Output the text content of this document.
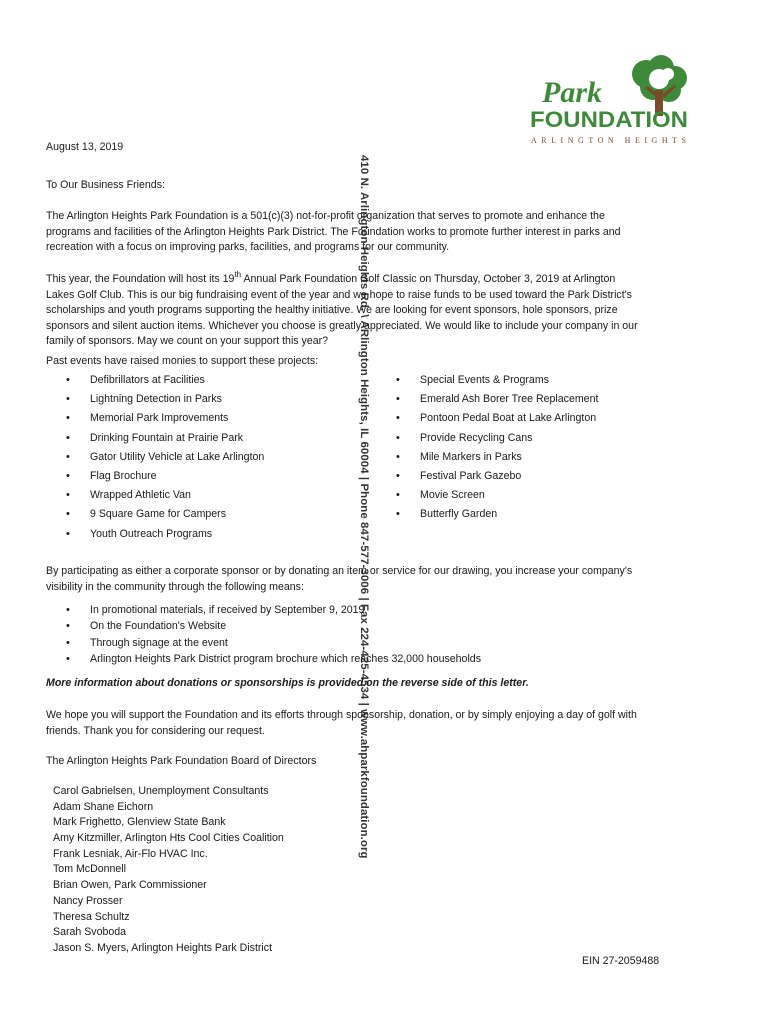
Park
FOUNDATION
ARLINGTON HEIGHTS
410 N. Arlington Heights Rd. \ ARlington Heights, IL 60004 | Phone 847-577-3006 | Fax 224-425-4534 | www.ahparkfoundation.org
August 13, 2019
To Our Business Friends:
The Arlington Heights Park Foundation is a 501(c)(3) not-for-profit organization that serves to promote and enhance the programs and facilities of the Arlington Heights Park District. The Foundation works to promote further interest in parks and recreation with a focus on improving parks, facilities, and programs for our community.
This year, the Foundation will host its 19th Annual Park Foundation Golf Classic on Thursday, October 3, 2019 at Arlington Lakes Golf Club. This is our big fundraising event of the year and we hope to raise funds to be used toward the Park District's scholarships and youth programs supporting the healthy initiative. We are looking for event sponsors, hole sponsors, prize sponsors and silent auction items. Whichever you choose is greatly appreciated. We would like to include your company in our family of sponsors. May we count on your support this year?
Past events have raised monies to support these projects:
• Defibrillators at Facilities
• Lightning Detection in Parks
• Memorial Park Improvements
• Drinking Fountain at Prairie Park
• Gator Utility Vehicle at Lake Arlington
• Flag Brochure
• Wrapped Athletic Van
• 9 Square Game for Campers
• Youth Outreach Programs
• Special Events & Programs
• Emerald Ash Borer Tree Replacement
• Pontoon Pedal Boat at Lake Arlington
• Provide Recycling Cans
• Mile Markers in Parks
• Festival Park Gazebo
• Movie Screen
• Butterfly Garden
By participating as either a corporate sponsor or by donating an item or service for our drawing, you increase your company's visibility in the community through the following means:
• In promotional materials, if received by September 9, 2019
• On the Foundation's Website
• Through signage at the event
• Arlington Heights Park District program brochure which reaches 32,000 households
More information about donations or sponsorships is provided on the reverse side of this letter.
We hope you will support the Foundation and its efforts through sponsorship, donation, or by simply enjoying a day of golf with friends. Thank you for considering our request.
The Arlington Heights Park Foundation Board of Directors
Carol Gabrielsen, Unemployment Consultants
Adam Shane Eichorn
Mark Frighetto, Glenview State Bank
Amy Kitzmiller, Arlington Hts Cool Cities Coalition
Frank Lesniak, Air-Flo HVAC Inc.
Tom McDonnell
Brian Owen, Park Commissioner
Nancy Prosser
Theresa Schultz
Sarah Svoboda
Jason S. Myers, Arlington Heights Park District
EIN 27-2059488
